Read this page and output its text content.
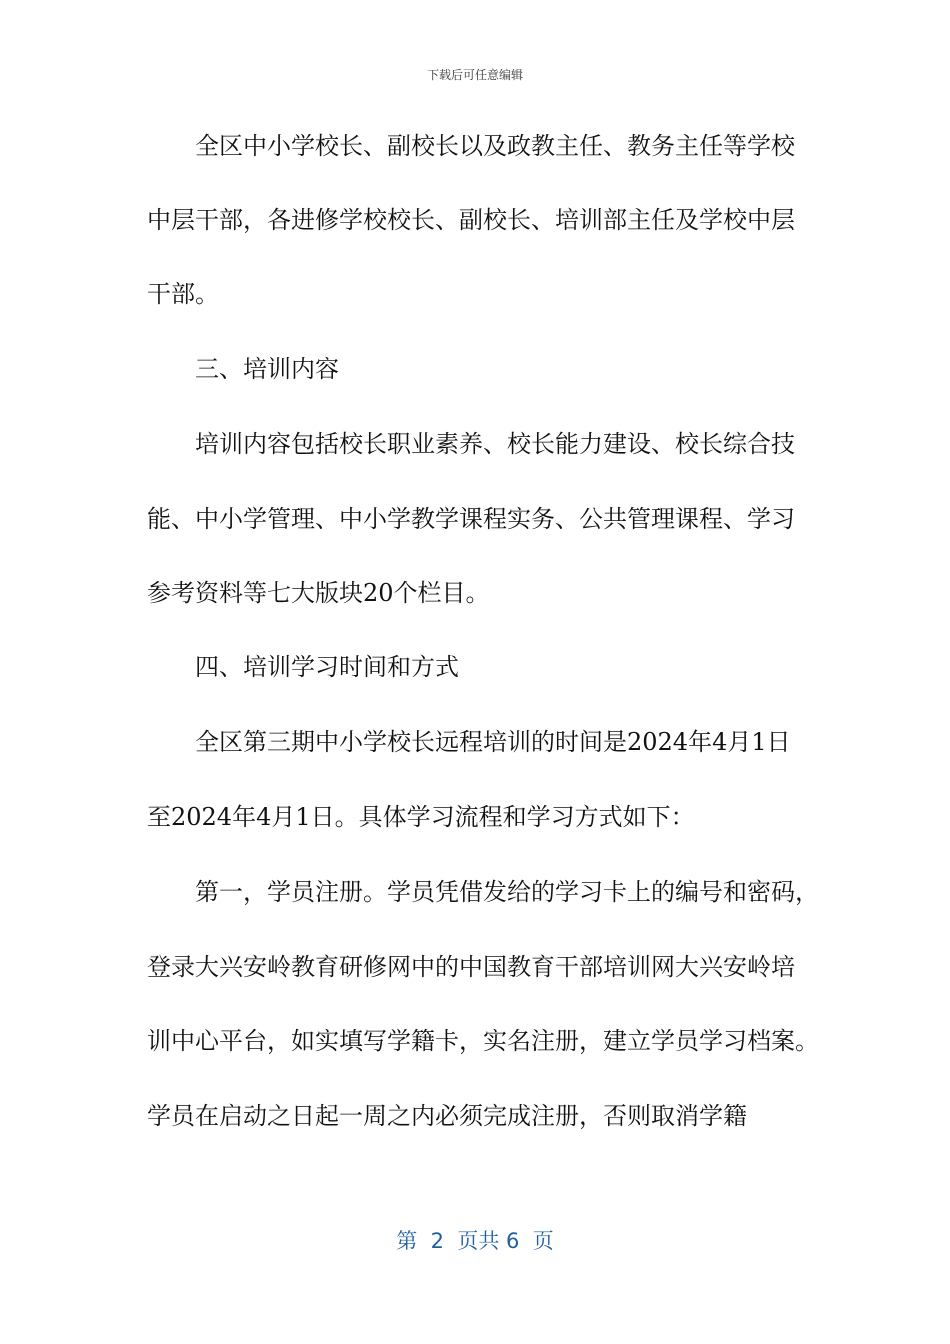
下载后可任意编辑
全区中小学校长、副校长以及政教主任、教务主任等学校
中层干部，各进修学校校长、副校长、培训部主任及学校中层
干部。
三、培训内容
培训内容包括校长职业素养、校长能力建设、校长综合技
能、中小学管理、中小学教学课程实务、公共管理课程、学习
参考资料等七大版块20个栏目。
四、培训学习时间和方式
全区第三期中小学校长远程培训的时间是2024年4月1日
至2024年4月1日。具体学习流程和学习方式如下：
第一，学员注册。学员凭借发给的学习卡上的编号和密码，
登录大兴安岭教育研修网中的中国教育干部培训网大兴安岭培
训中心平台，如实填写学籍卡，实名注册，建立学员学习档案。
学员在启动之日起一周之内必须完成注册，否则取消学籍
第  2  页共 6  页
